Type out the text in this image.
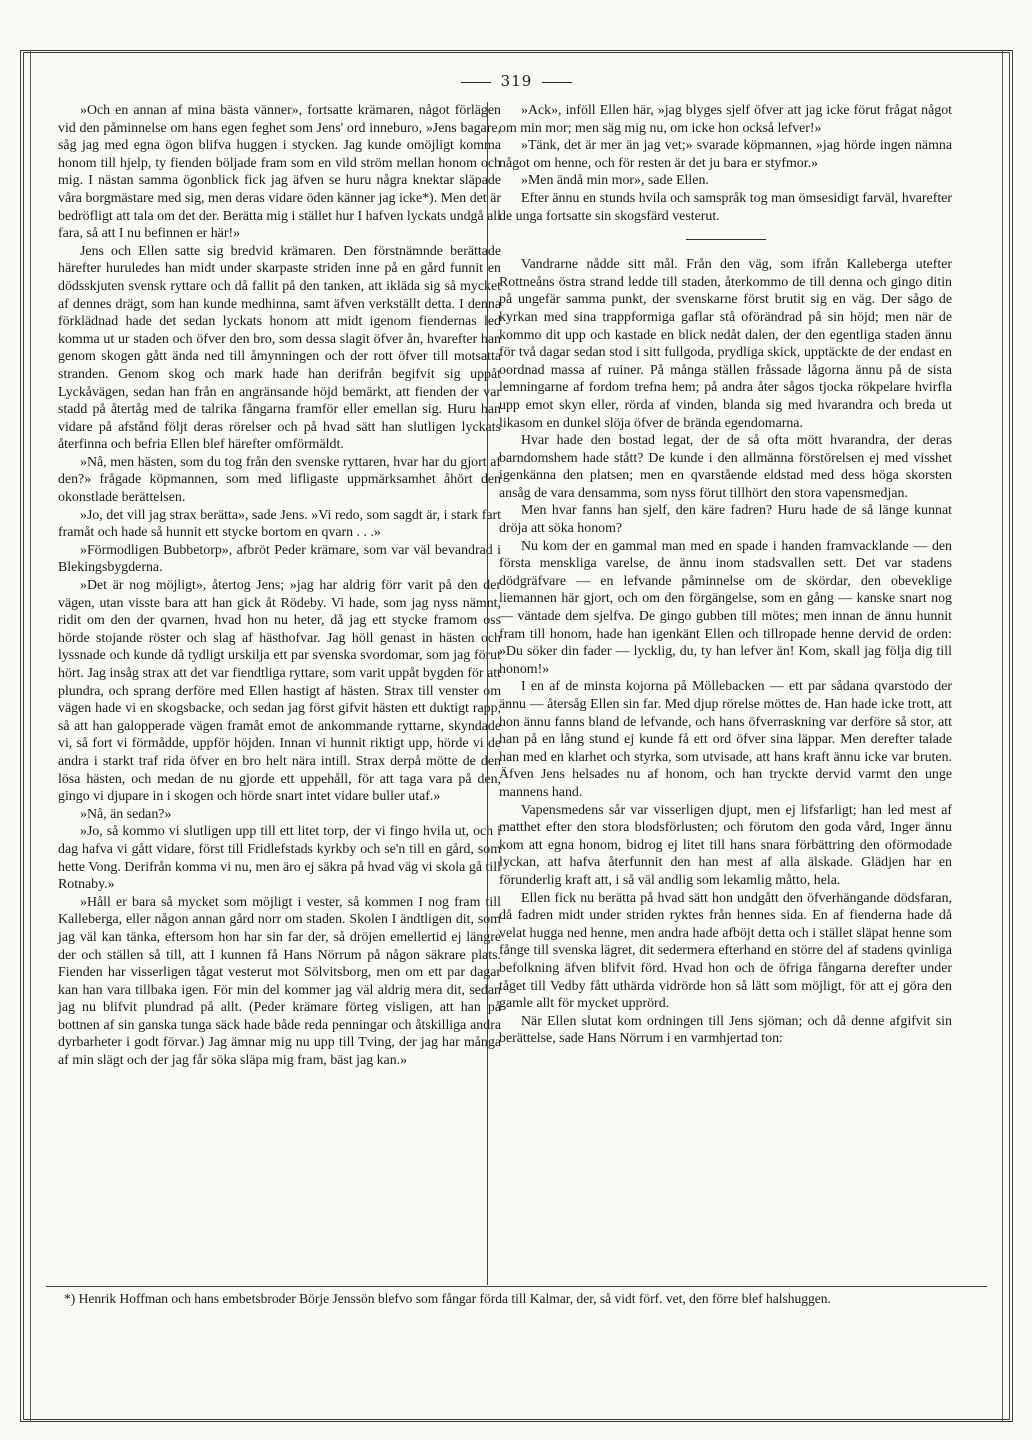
319

»Och en annan af mina bästa vänner», fortsatte krämaren, något förlägen vid den påminnelse om hans egen feghet som Jens' ord inneburo, »Jens bagare, såg jag med egna ögon blifva huggen i stycken. Jag kunde omöjligt komma honom till hjelp, ty fienden böljade fram som en vild ström mellan honom och mig. I nästan samma ögonblick fick jag äfven se huru några knektar släpade våra borgmästare med sig, men deras vidare öden känner jag icke*). Men det är bedröfligt att tala om det der. Berätta mig i stället hur I hafven lyckats undgå all fara, så att I nu befinnen er här!»

Jens och Ellen satte sig bredvid krämaren. Den förstnämnde berättade härefter huruledes han midt under skarpaste striden inne på en gård funnit en dödsskjuten svensk ryttare och då fallit på den tanken, att ikläda sig så mycket af dennes drägt, som han kunde medhinna, samt äfven verkställt detta. I denna förklädnad hade det sedan lyckats honom att midt igenom fiendernas led komma ut ur staden och öfver den bro, som dessa slagit öfver ån, hvarefter han genom skogen gått ända ned till åmynningen och der rott öfver till motsatta stranden. Genom skog och mark hade han derifrån begifvit sig uppåt Lyckåvägen, sedan han från en angränsande höjd bemärkt, att fienden der var stadd på återtåg med de talrika fångarna framför eller emellan sig. Huru han vidare på afstånd följt deras rörelser och på hvad sätt han slutligen lyckats återfinna och befria Ellen blef härefter omförmäldt.

»Nå, men hästen, som du tog från den svenske ryttaren, hvar har du gjort af den?» frågade köpmannen, som med lifligaste uppmärksamhet åhört den okonstlade berättelsen.

»Jo, det vill jag strax berätta», sade Jens. »Vi redo, som sagdt är, i stark fart framåt och hade så hunnit ett stycke bortom en qvarn . . .»

»Förmodligen Bubbetorp», afbröt Peder krämare, som var väl bevandrad i Blekingsbygderna.

»Det är nog möjligt», återtog Jens; »jag har aldrig förr varit på den der vägen, utan visste bara att han gick åt Rödeby. Vi hade, som jag nyss nämnt, ridit om den der qvarnen, hvad hon nu heter, då jag ett stycke framom oss hörde stojande röster och slag af hästhofvar. Jag höll genast in hästen och lyssnade och kunde då tydligt urskilja ett par svenska svordomar, som jag förut hört. Jag insåg strax att det var fiendtliga ryttare, som varit uppåt bygden för att plundra, och sprang derföre med Ellen hastigt af hästen. Strax till venster om vägen hade vi en skogsbacke, och sedan jag först gifvit hästen ett duktigt rapp, så att han galopperade vägen framåt emot de ankommande ryttarne, skyndade vi, så fort vi förmådde, uppför höjden. Innan vi hunnit riktigt upp, hörde vi de andra i starkt traf rida öfver en bro helt nära intill. Strax derpå mötte de den lösa hästen, och medan de nu gjorde ett uppehåll, för att taga vara på den, gingo vi djupare in i skogen och hörde snart intet vidare buller utaf.»

»Nå, än sedan?»

»Jo, så kommo vi slutligen upp till ett litet torp, der vi fingo hvila ut, och i dag hafva vi gått vidare, först till Fridlefstads kyrkby och se'n till en gård, som hette Vong. Derifrån komma vi nu, men äro ej säkra på hvad väg vi skola gå till Rotnaby.»

»Håll er bara så mycket som möjligt i vester, så kommen I nog fram till Kalleberga, eller någon annan gård norr om staden. Skolen I ändtligen dit, som jag väl kan tänka, eftersom hon har sin far der, så dröjen emellertid ej längre der och ställen så till, att I kunnen få Hans Nörrum på någon säkrare plats. Fienden har visserligen tågat vesterut mot Sölvitsborg, men om ett par dagar kan han vara tillbaka igen. För min del kommer jag väl aldrig mera dit, sedan jag nu blifvit plundrad på allt. (Peder krämare förteg visligen, att han på bottnen af sin ganska tunga säck hade både reda penningar och åtskilliga andra dyrbarheter i godt förvar.) Jag ämnar mig nu upp till Tving, der jag har många af min slägt och der jag får söka släpa mig fram, bäst jag kan.»

»Ack», inföll Ellen här, »jag blyges sjelf öfver att jag icke förut frågat något om min mor; men säg mig nu, om icke hon också lefver!»

»Tänk, det är mer än jag vet;» svarade köpmannen, »jag hörde ingen nämna något om henne, och för resten är det ju bara er styfmor.»

»Men ändå min mor», sade Ellen.

Efter ännu en stunds hvila och samspråk tog man ömsesidigt farväl, hvarefter de unga fortsatte sin skogsfärd vesterut.

Vandrarne nådde sitt mål. Från den väg, som ifrån Kalleberga utefter Rottneåns östra strand ledde till staden, återkommo de till denna och gingo ditin på ungefär samma punkt, der svenskarne först brutit sig en väg. Der sågo de kyrkan med sina trappformiga gaflar stå oförändrad på sin höjd; men när de kommo dit upp och kastade en blick nedåt dalen, der den egentliga staden ännu för två dagar sedan stod i sitt fullgoda, prydliga skick, upptäckte de der endast en oordnad massa af ruiner. På många ställen fråssade lågorna ännu på de sista lemningarne af fordom trefna hem; på andra åter sågos tjocka rökpelare hvirfla upp emot skyn eller, rörda af vinden, blanda sig med hvarandra och breda ut likasom en dunkel slöja öfver de brända egendomarna.

Hvar hade den bostad legat, der de så ofta mött hvarandra, der deras barndomshem hade stått? De kunde i den allmänna förstörelsen ej med visshet igenkänna den platsen; men en qvarstående eldstad med dess höga skorsten ansåg de vara densamma, som nyss förut tillhört den stora vapensmedjan.

Men hvar fanns han sjelf, den käre fadren? Huru hade de så länge kunnat dröja att söka honom?

Nu kom der en gammal man med en spade i handen framvacklande — den första menskliga varelse, de ännu inom stadsvallen sett. Det var stadens dödgräfvare — en lefvande påminnelse om de skördar, den obeveklige liemannen här gjort, och om den förgängelse, som en gång — kanske snart nog — väntade dem sjelfva. De gingo gubben till mötes; men innan de ännu hunnit fram till honom, hade han igenkänt Ellen och tillropade henne dervid de orden: »Du söker din fader — lycklig, du, ty han lefver än! Kom, skall jag följa dig till honom!»

I en af de minsta kojorna på Möllebacken — ett par sådana qvarstodo der ännu — återsåg Ellen sin far. Med djup rörelse möttes de. Han hade icke trott, att hon ännu fanns bland de lefvande, och hans öfverraskning var derföre så stor, att han på en lång stund ej kunde få ett ord öfver sina läppar. Men derefter talade han med en klarhet och styrka, som utvisade, att hans kraft ännu icke var bruten. Äfven Jens helsades nu af honom, och han tryckte dervid varmt den unge mannens hand.

Vapensmedens sår var visserligen djupt, men ej lifsfarligt; han led mest af matthet efter den stora blodsförlusten; och förutom den goda vård, Inger ännu kom att egna honom, bidrog ej litet till hans snara förbättring den oförmodade lyckan, att hafva återfunnit den han mest af alla älskade. Glädjen har en förunderlig kraft att, i så väl andlig som lekamlig måtto, hela.

Ellen fick nu berätta på hvad sätt hon undgått den öfverhängande dödsfaran, då fadren midt under striden ryktes från hennes sida. En af fienderna hade då velat hugga ned henne, men andra hade afböjt detta och i stället släpat henne som fånge till svenska lägret, dit sedermera efterhand en större del af stadens qvinliga befolkning äfven blifvit förd. Hvad hon och de öfriga fångarna derefter under tåget till Vedby fått uthärda vidrörde hon så lätt som möjligt, för att ej göra den gamle allt för mycket upprörd.

När Ellen slutat kom ordningen till Jens sjöman; och då denne afgifvit sin berättelse, sade Hans Nörrum i en varmhjertad ton:

*) Henrik Hoffman och hans embetsbroder Börje Jenssön blefvo som fångar förda till Kalmar, der, så vidt förf. vet, den förre blef halshuggen.
